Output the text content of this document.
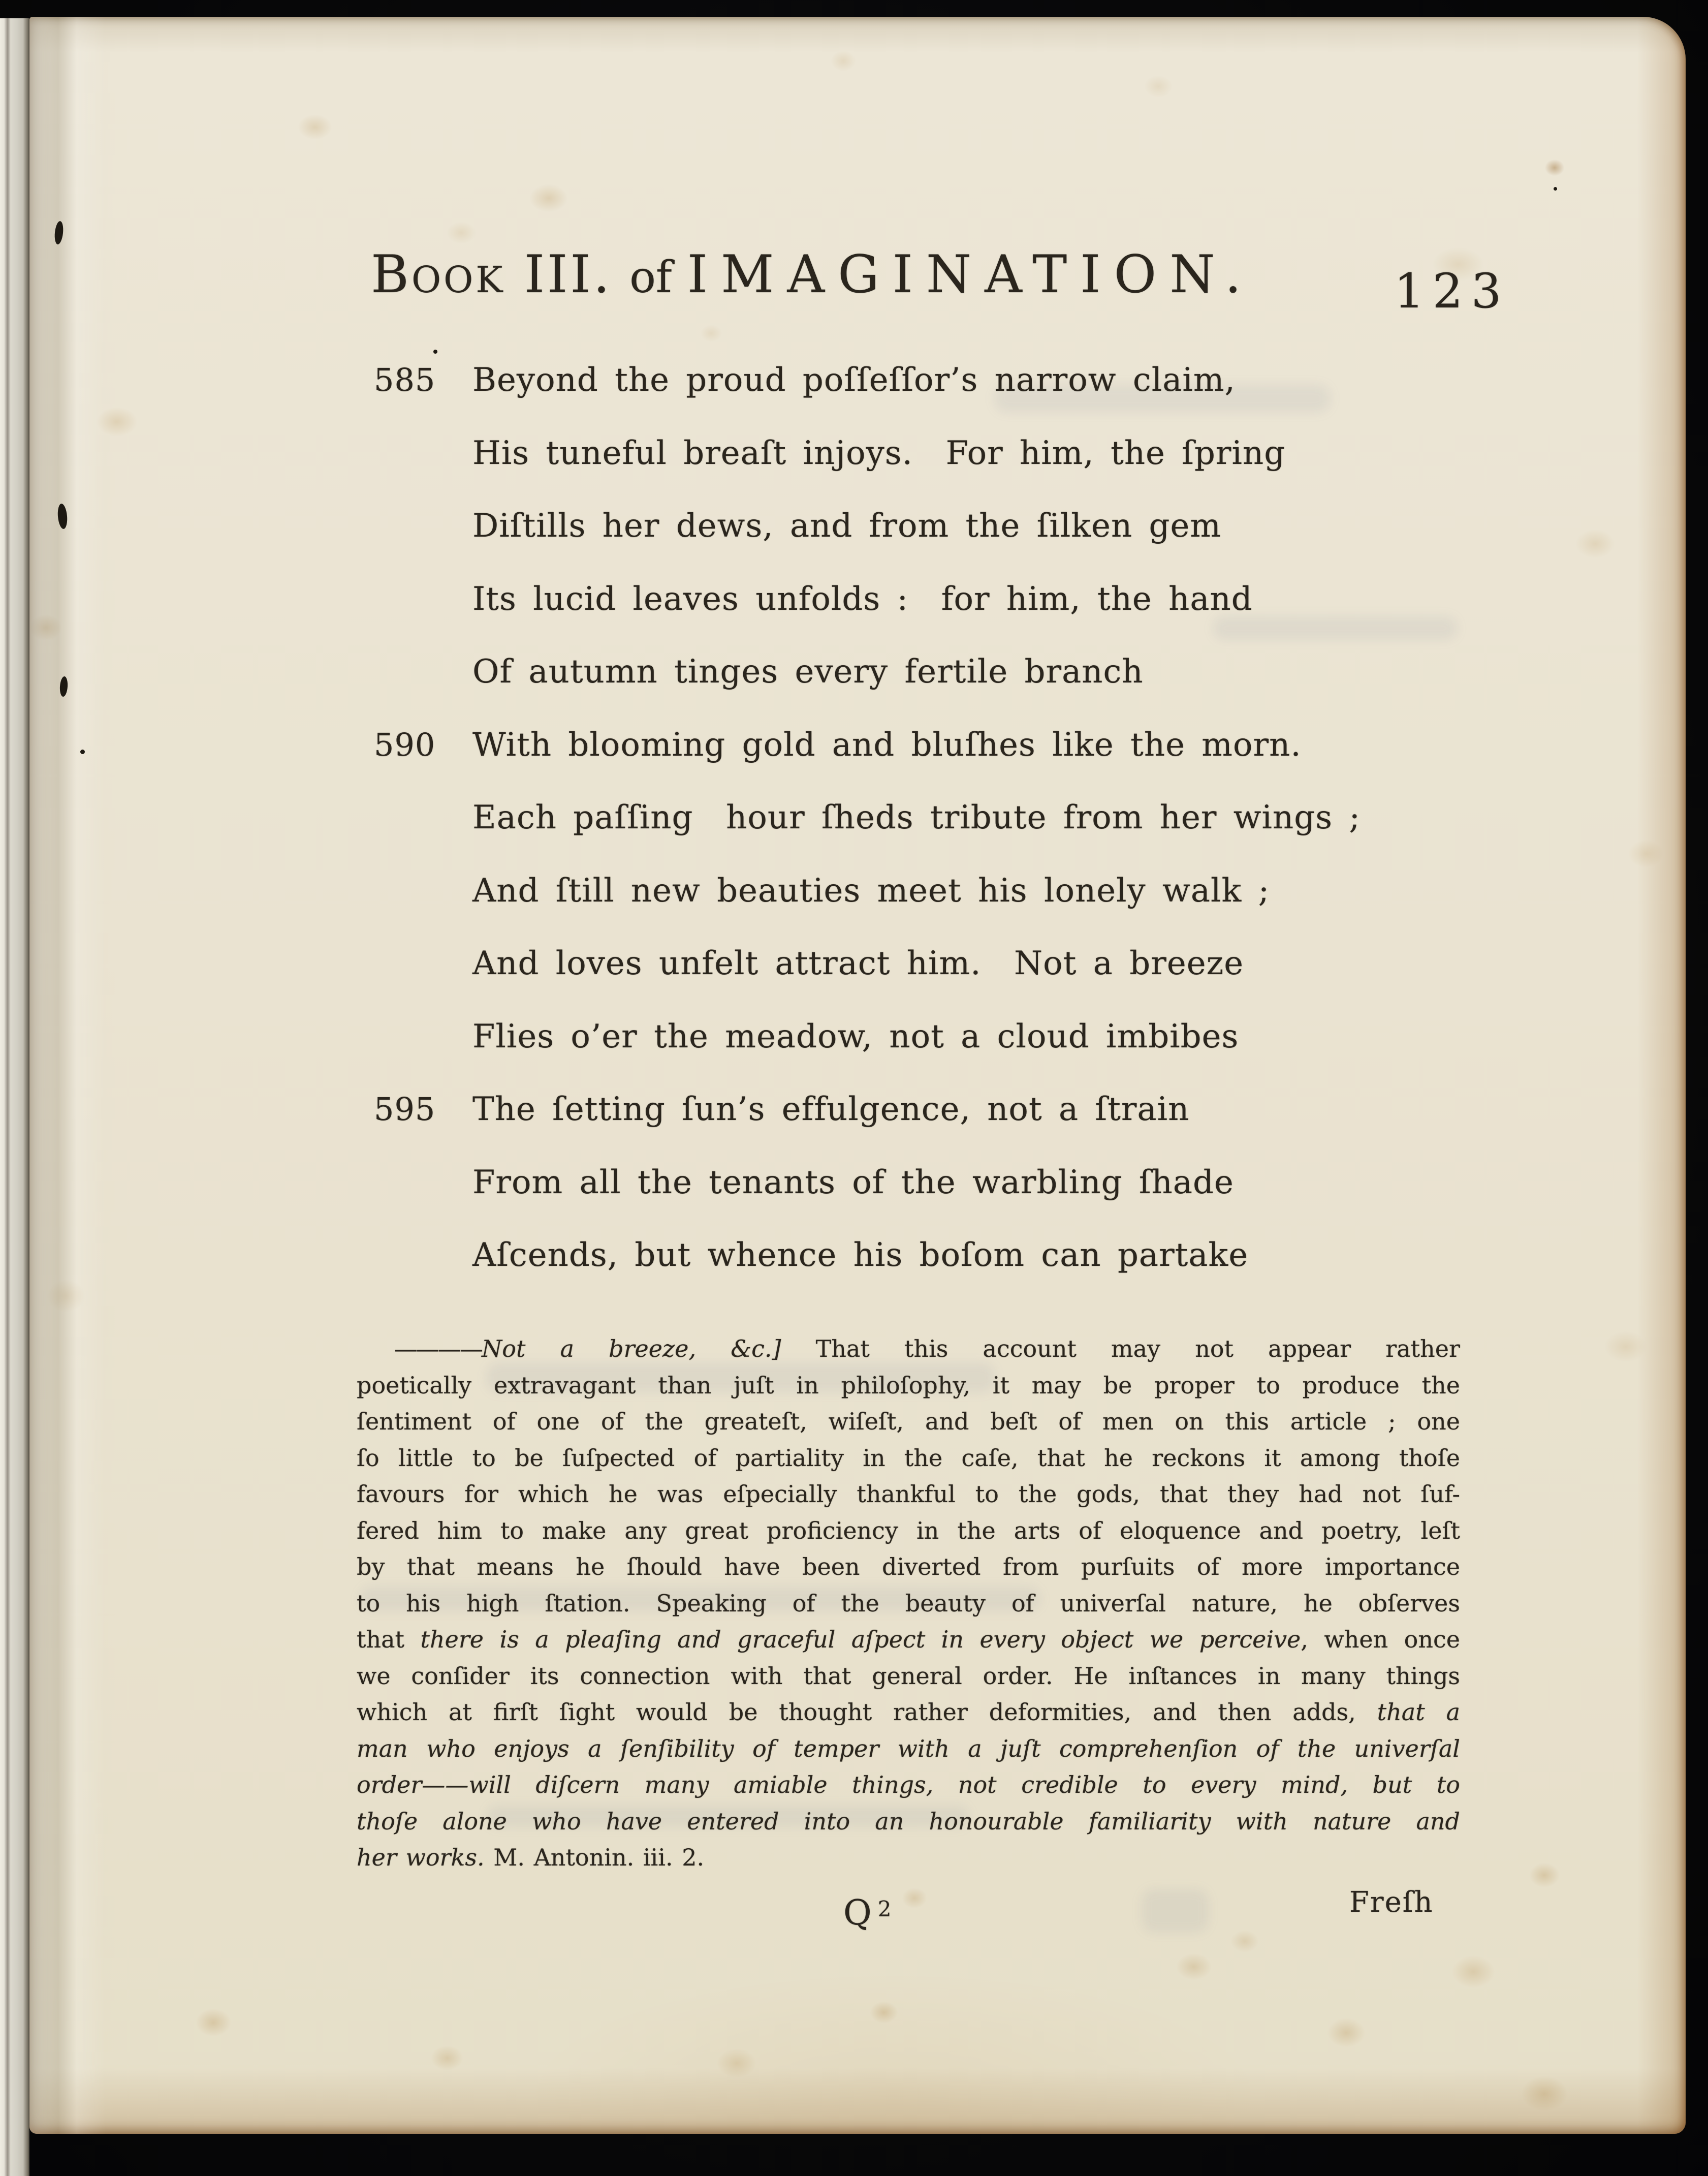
Book III. of IMAGINATION.	123
585 Beyond the proud poſſeſſor’s narrow claim,
His tuneful breaſt injoys.  For him, the ſpring
Diſtills her dews, and from the ſilken gem
Its lucid leaves unfolds :  for him, the hand
Of autumn tinges every fertile branch
590 With blooming gold and bluſhes like the morn.
Each paſſing  hour ſheds tribute from her wings ;
And ſtill new beauties meet his lonely walk ;
And loves unfelt attract him.  Not a breeze
Flies o’er the meadow, not a cloud imbibes
595 The ſetting ſun’s effulgence, not a ſtrain
From all the tenants of the warbling ſhade
Aſcends, but whence his boſom can partake
————Not a breeze, &c.] That this account may not appear rather
poetically extravagant than juſt in philoſophy, it may be proper to produce the
ſentiment of one of the greateſt, wiſeſt, and beſt of men on this article ; one
ſo little to be ſuſpected of partiality in the caſe, that he reckons it among thoſe
favours for which he was eſpecially thankful to the gods, that they had not ſuf-
fered him to make any great proficiency in the arts of eloquence and poetry, leſt
by that means he ſhould have been diverted from purſuits of more importance
to his high ſtation. Speaking of the beauty of univerſal nature, he obſerves
that there is a pleaſing and graceful aſpect in every object we perceive, when once
we conſider its connection with that general order. He inſtances in many things
which at firſt ſight would be thought rather deformities, and then adds, that a
man who enjoys a ſenſibility of temper with a juſt comprehenſion of the univerſal
order——will diſcern many amiable things, not credible to every mind, but to
thoſe alone who have entered into an honourable familiarity with nature and
her works. M. Antonin. iii. 2.
Q $^2$	Freſh
